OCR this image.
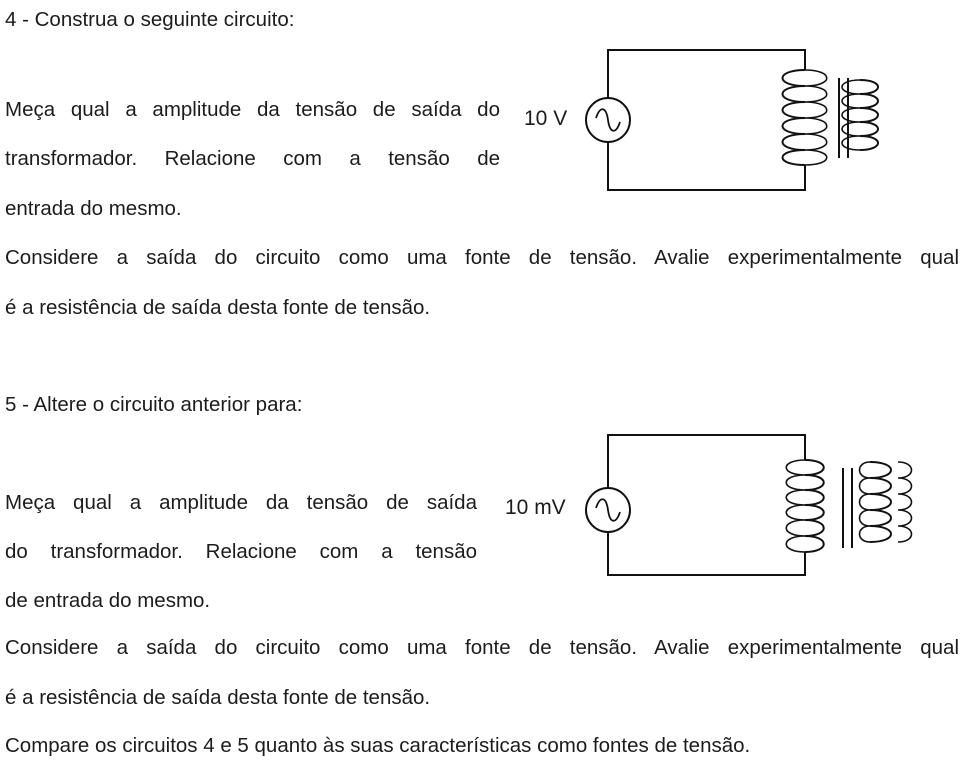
4 - Construa o seguinte circuito:
Meça qual a amplitude da tensão de saída do
transformador. Relacione com a tensão de
entrada do mesmo.
Considere a saída do circuito como uma fonte de tensão. Avalie experimentalmente qual
é a resistência de saída desta fonte de tensão.
10 V
5 - Altere o circuito anterior para:
Meça qual a amplitude da tensão de saída
do transformador. Relacione com a tensão
de entrada do mesmo.
Considere a saída do circuito como uma fonte de tensão. Avalie experimentalmente qual
é a resistência de saída desta fonte de tensão.
10 mV
Compare os circuitos 4 e 5 quanto às suas características como fontes de tensão.
